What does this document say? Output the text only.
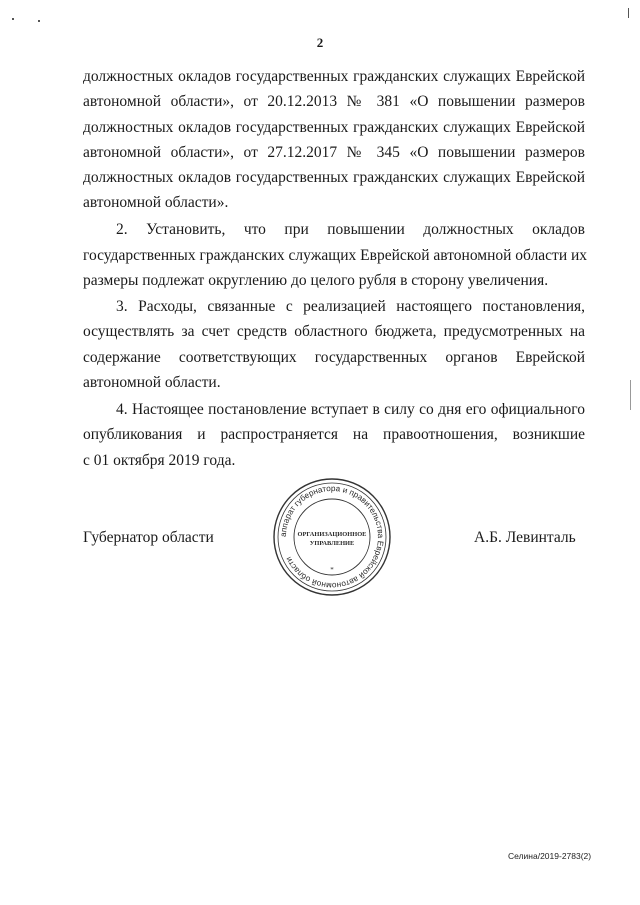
2
должностных окладов государственных гражданских служащих Еврейской
автономной области», от 20.12.2013 № 381 «О повышении размеров
должностных окладов государственных гражданских служащих Еврейской
автономной области», от 27.12.2017 № 345 «О повышении размеров
должностных окладов государственных гражданских служащих Еврейской
автономной области».
2. Установить, что при повышении должностных окладов
государственных гражданских служащих Еврейской автономной области их
размеры подлежат округлению до целого рубля в сторону увеличения.
3. Расходы, связанные с реализацией настоящего постановления,
осуществлять за счет средств областного бюджета, предусмотренных на
содержание соответствующих государственных органов Еврейской
автономной области.
4. Настоящее постановление вступает в силу со дня его официального
опубликования и распространяется на правоотношения, возникшие
с 01 октября 2019 года.
Губернатор области	аппарат губернатора и правительства Еврейской автономной области
ОРГАНИЗАЦИОННОЕ
УПРАВЛЕНИЕ
*
А.Б. Левинталь
Селина/2019-2783(2)
